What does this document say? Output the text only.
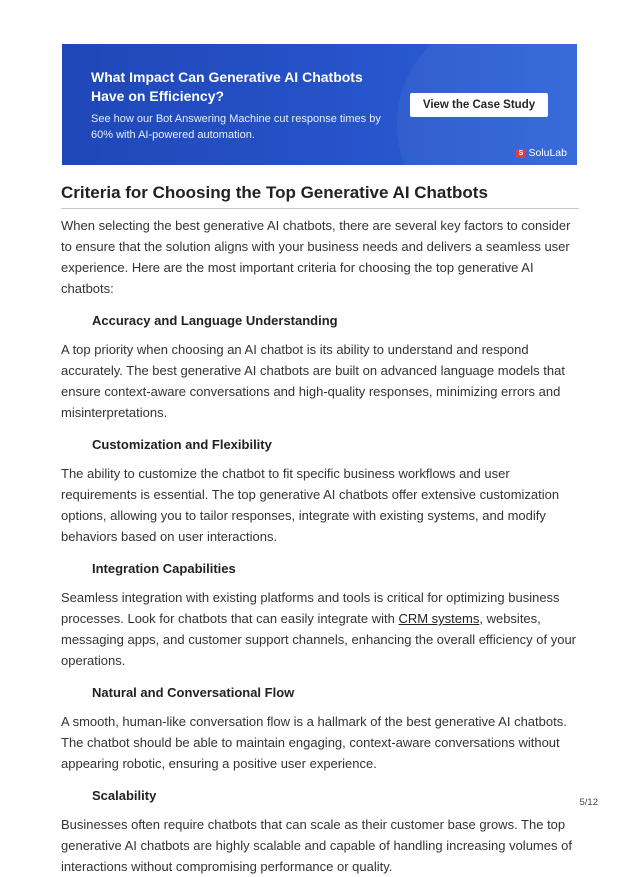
What Impact Can Generative AI Chatbots Have on Efficiency?
See how our Bot Answering Machine cut response times by 60% with AI-powered automation.
View the Case Study
S SoluLab
Criteria for Choosing the Top Generative AI Chatbots

When selecting the best generative AI chatbots, there are several key factors to consider to ensure that the solution aligns with your business needs and delivers a seamless user experience. Here are the most important criteria for choosing the top generative AI chatbots:

Accuracy and Language Understanding

A top priority when choosing an AI chatbot is its ability to understand and respond accurately. The best generative AI chatbots are built on advanced language models that ensure context-aware conversations and high-quality responses, minimizing errors and misinterpretations.

Customization and Flexibility

The ability to customize the chatbot to fit specific business workflows and user requirements is essential. The top generative AI chatbots offer extensive customization options, allowing you to tailor responses, integrate with existing systems, and modify behaviors based on user interactions.

Integration Capabilities

Seamless integration with existing platforms and tools is critical for optimizing business processes. Look for chatbots that can easily integrate with CRM systems, websites, messaging apps, and customer support channels, enhancing the overall efficiency of your operations.

Natural and Conversational Flow

A smooth, human-like conversation flow is a hallmark of the best generative AI chatbots. The chatbot should be able to maintain engaging, context-aware conversations without appearing robotic, ensuring a positive user experience.

Scalability

Businesses often require chatbots that can scale as their customer base grows. The top generative AI chatbots are highly scalable and capable of handling increasing volumes of interactions without compromising performance or quality.

5/12
